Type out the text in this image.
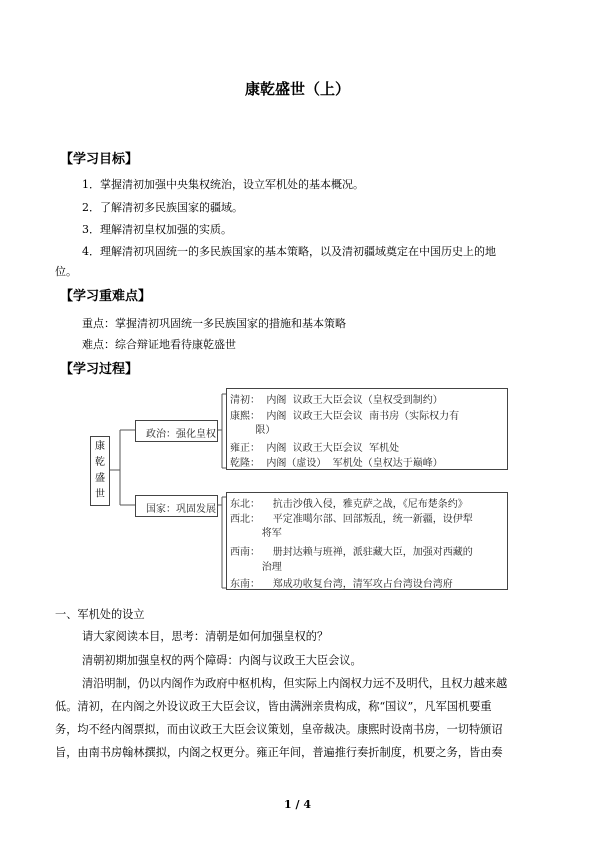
康乾盛世（上）
【学习目标】
1．掌握清初加强中央集权统治，设立军机处的基本概况。
2．了解清初多民族国家的疆域。
3．理解清初皇权加强的实质。
4．理解清初巩固统一的多民族国家的基本策略，以及清初疆域奠定在中国历史上的地
位。
【学习重难点】
重点：掌握清初巩固统一多民族国家的措施和基本策略
难点：综合辩证地看待康乾盛世
【学习过程】
康
乾
盛
世
政治：强化皇权
清初：  内阁  议政王大臣会议（皇权受到制约）
康熙：  内阁  议政王大臣会议  南书房（实际权力有
限）
雍正：  内阁  议政王大臣会议  军机处
乾隆：  内阁（虚设）  军机处（皇权达于巅峰）
国家：巩固发展 东北：    抗击沙俄入侵，雅克萨之战，《尼布楚条约》
西北：    平定准噶尔部、回部叛乱，统一新疆，设伊犁
将军
西南：    册封达赖与班禅，派驻藏大臣，加强对西藏的
治理
东南：    郑成功收复台湾，清军攻占台湾设台湾府
一、军机处的设立
请大家阅读本目，思考：清朝是如何加强皇权的？
清朝初期加强皇权的两个障碍：内阁与议政王大臣会议。
清沿明制，仍以内阁作为政府中枢机构，但实际上内阁权力远不及明代，且权力越来越
低。清初，在内阁之外设议政王大臣会议，皆由满洲亲贵构成，称“国议”，凡军国机要重
务，均不经内阁票拟，而由议政王大臣会议策划，皇帝裁决。康熙时设南书房，一切特颁诏
旨，由南书房翰林撰拟，内阁之权更分。雍正年间，普遍推行奏折制度，机要之务，皆由奏
1 / 4
